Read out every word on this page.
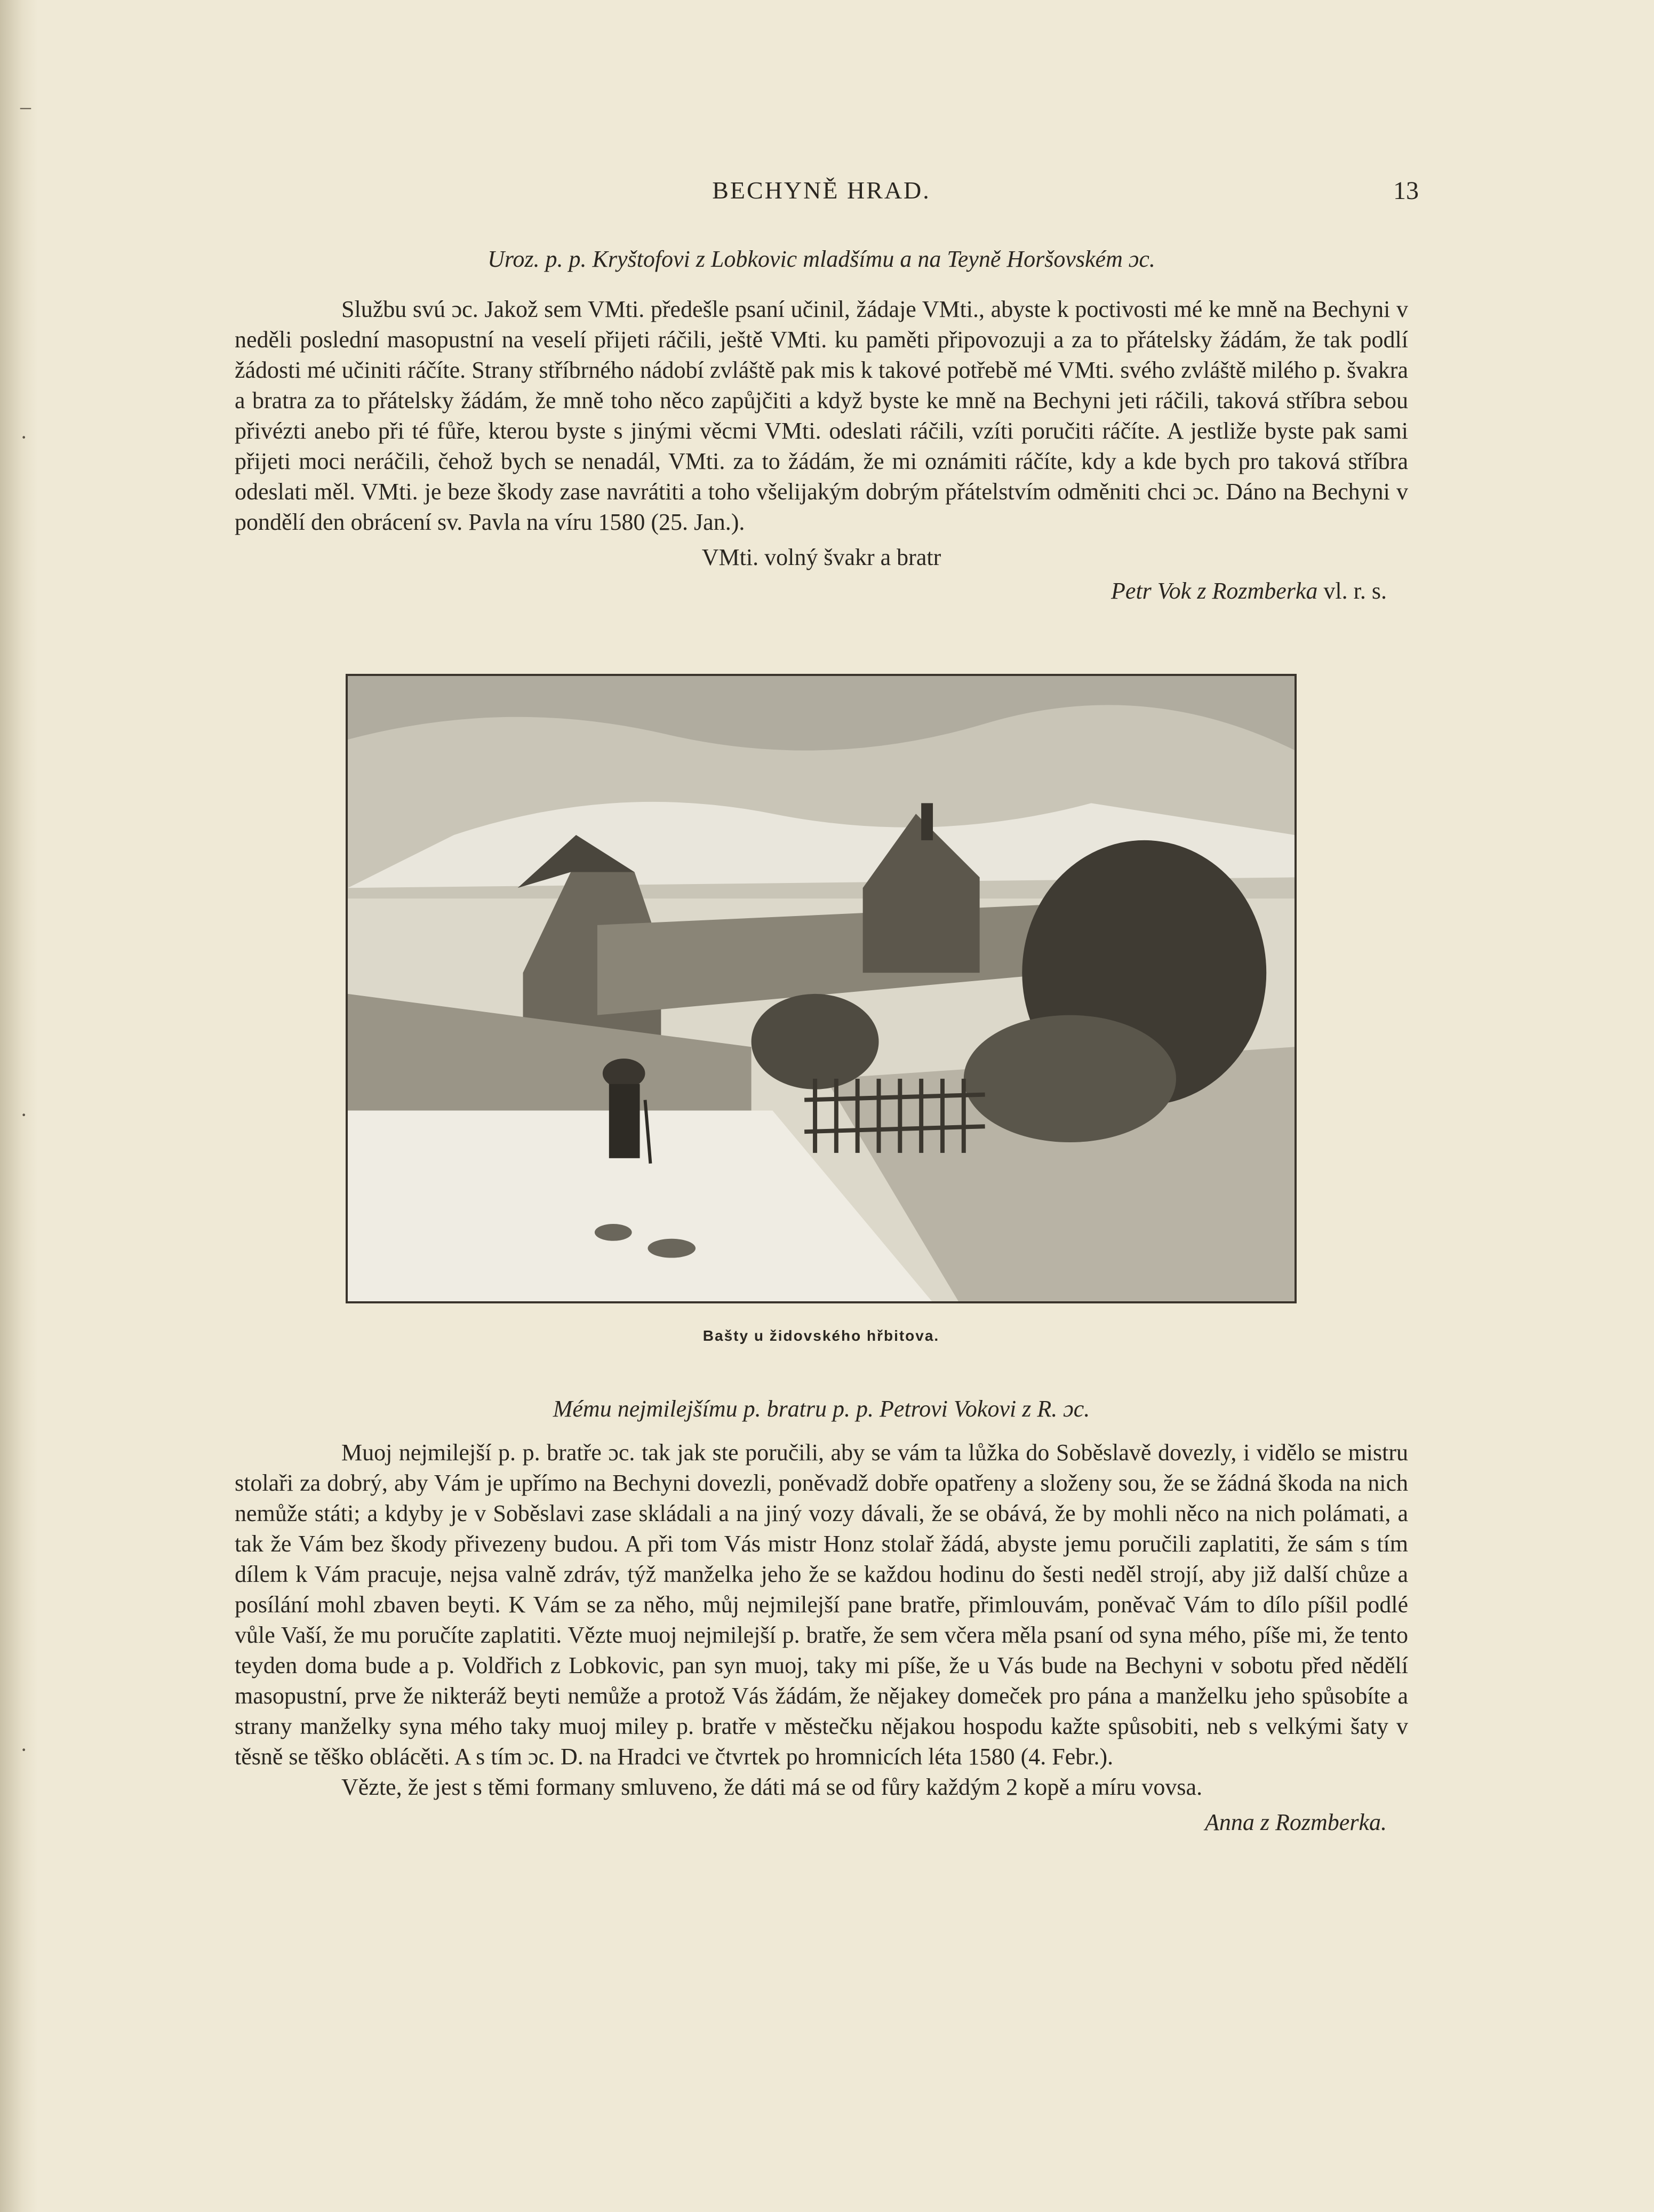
–
·
·
·
BECHYNĚ HRAD.	13

Uroz. p. p. Kryštofovi z Lobkovic mladšímu a na Teyně Horšovském ɔc.

Službu svú ɔc. Jakož sem VMti. předešle psaní učinil, žádaje VMti., abyste k poctivosti mé ke mně na Bechyni v neděli poslední masopustní na veselí přijeti ráčili, ještě VMti. ku paměti připovozuji a za to přátelsky žádám, že tak podlí žádosti mé učiniti ráčíte. Strany stříbrného nádobí zvláště pak mis k takové potřebě mé VMti. svého zvláště milého p. švakra a bratra za to přátelsky žádám, že mně toho něco zapůjčiti a když byste ke mně na Bechyni jeti ráčili, taková stříbra sebou přivézti anebo při té fůře, kterou byste s jinými věcmi VMti. odeslati ráčili, vzíti poručiti ráčíte. A jestliže byste pak sami přijeti moci neráčili, čehož bych se nenadál, VMti. za to žádám, že mi oznámiti ráčíte, kdy a kde bych pro taková stříbra odeslati měl. VMti. je beze škody zase navrátiti a toho všelijakým dobrým přátelstvím odměniti chci ɔc. Dáno na Bechyni v pondělí den obrácení sv. Pavla na víru 1580 (25. Jan.).

VMti. volný švakr a bratr
Petr Vok z Rozmberka vl. r. s.
Bašty u židovského hřbitova.

Mému nejmilejšímu p. bratru p. p. Petrovi Vokovi z R. ɔc.

Muoj nejmilejší p. p. bratře ɔc. tak jak ste poručili, aby se vám ta lůžka do Soběslavě dovezly, i vidělo se mistru stolaři za dobrý, aby Vám je upřímo na Bechyni dovezli, poněvadž dobře opatřeny a složeny sou, že se žádná škoda na nich nemůže státi; a kdyby je v Soběslavi zase skládali a na jiný vozy dávali, že se obává, že by mohli něco na nich polámati, a tak že Vám bez škody přivezeny budou. A při tom Vás mistr Honz stolař žádá, abyste jemu poručili zaplatiti, že sám s tím dílem k Vám pracuje, nejsa valně zdráv, týž manželka jeho že se každou hodinu do šesti neděl strojí, aby již další chůze a posílání mohl zbaven beyti. K Vám se za něho, můj nejmilejší pane bratře, přimlouvám, poněvač Vám to dílo píšil podlé vůle Vaší, že mu poručíte zaplatiti. Vězte muoj nejmilejší p. bratře, že sem včera měla psaní od syna mého, píše mi, že tento teyden doma bude a p. Voldřich z Lobkovic, pan syn muoj, taky mi píše, že u Vás bude na Bechyni v sobotu před nědělí masopustní, prve že nikteráž beyti nemůže a protož Vás žádám, že nějakey domeček pro pána a manželku jeho spůsobíte a strany manželky syna mého taky muoj miley p. bratře v městečku nějakou hospodu kažte spůsobiti, neb s velkými šaty v těsně se těško oblácěti. A s tím ɔc. D. na Hradci ve čtvrtek po hromnicích léta 1580 (4. Febr.).

Vězte, že jest s těmi formany smluveno, že dáti má se od fůry každým 2 kopě a míru vovsa.

Anna z Rozmberka.
